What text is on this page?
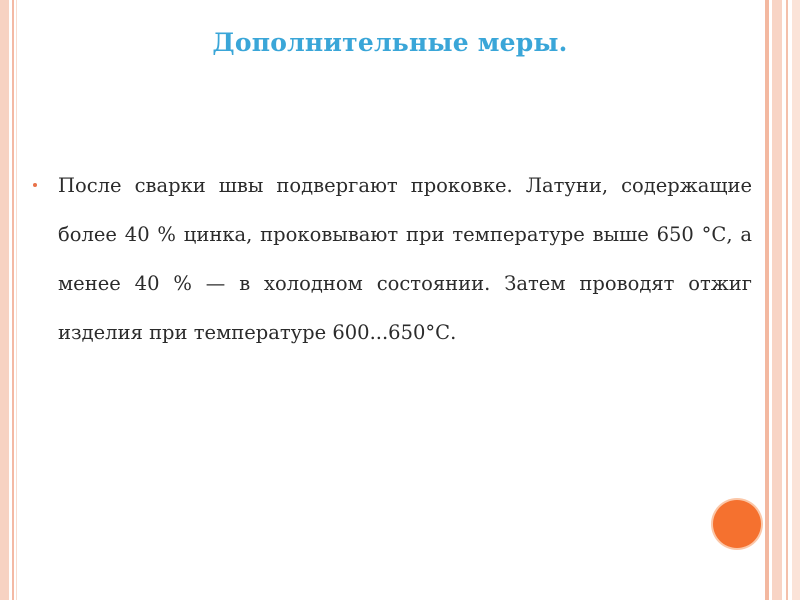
Дополнительные меры.
После сварки швы подвергают проковке. Латуни, содержащие более 40 % цинка, проковывают при температуре выше 650 °С, а менее 40 % — в холодном состоянии. Затем проводят отжиг изделия при температуре 600...650°С.
